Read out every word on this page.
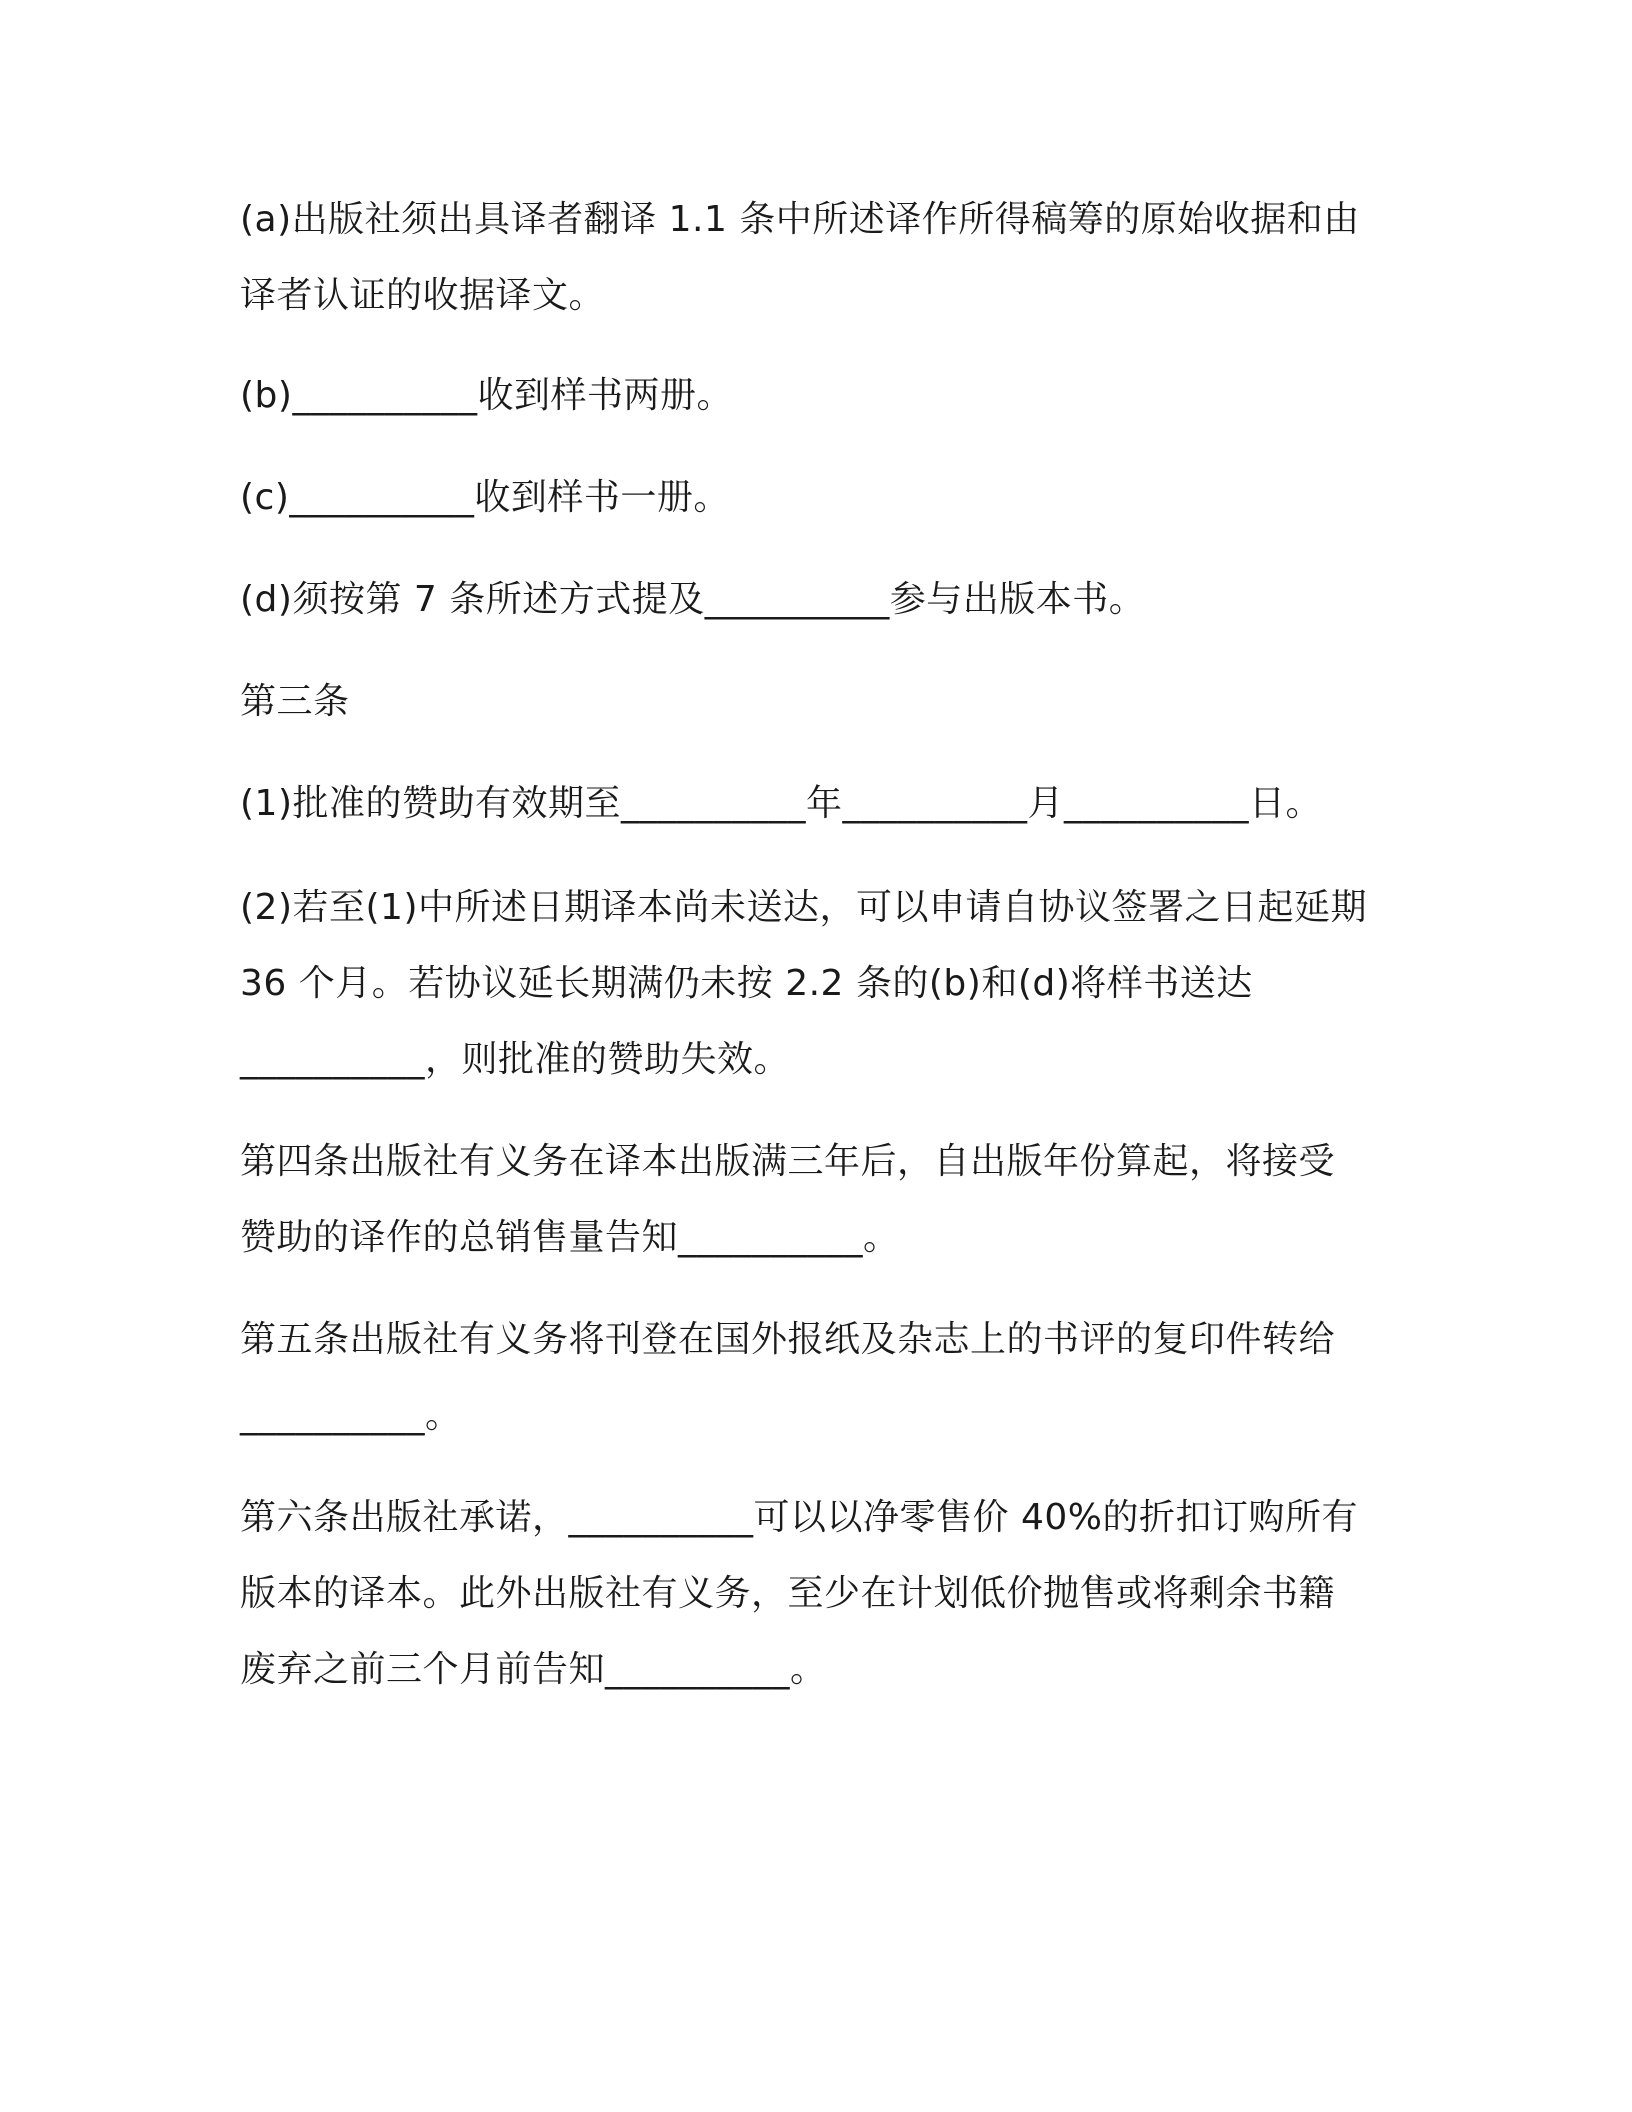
(a)出版社须出具译者翻译 1.1 条中所述译作所得稿筹的原始收据和由
译者认证的收据译文。
(b)__________收到样书两册。
(c)__________收到样书一册。
(d)须按第 7 条所述方式提及__________参与出版本书。
第三条
(1)批准的赞助有效期至__________年__________月__________日。
(2)若至(1)中所述日期译本尚未送达，可以申请自协议签署之日起延期
36 个月。若协议延长期满仍未按 2.2 条的(b)和(d)将样书送达
__________，则批准的赞助失效。
第四条出版社有义务在译本出版满三年后，自出版年份算起，将接受
赞助的译作的总销售量告知__________。
第五条出版社有义务将刊登在国外报纸及杂志上的书评的复印件转给
__________。
第六条出版社承诺，__________可以以净零售价 40%的折扣订购所有
版本的译本。此外出版社有义务，至少在计划低价抛售或将剩余书籍
废弃之前三个月前告知__________。
